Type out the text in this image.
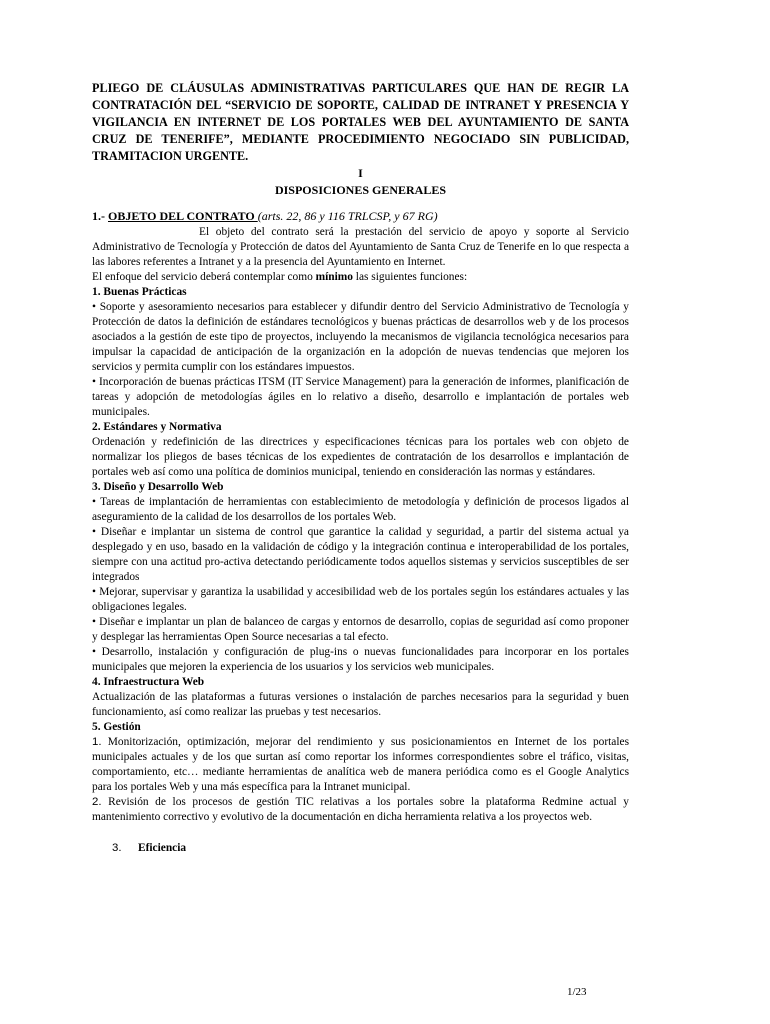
PLIEGO DE CLÁUSULAS ADMINISTRATIVAS PARTICULARES QUE HAN DE REGIR LA CONTRATACIÓN DEL “SERVICIO DE SOPORTE, CALIDAD DE INTRANET Y PRESENCIA Y VIGILANCIA EN INTERNET DE LOS PORTALES WEB DEL AYUNTAMIENTO DE SANTA CRUZ DE TENERIFE”, MEDIANTE PROCEDIMIENTO NEGOCIADO SIN PUBLICIDAD, TRAMITACION URGENTE.

I

DISPOSICIONES GENERALES

1.- OBJETO DEL CONTRATO (arts. 22, 86 y 116 TRLCSP, y 67 RG)

El objeto del contrato será la prestación del servicio de apoyo y soporte al Servicio Administrativo de Tecnología y Protección de datos del Ayuntamiento de Santa Cruz de Tenerife en lo que respecta a las labores referentes a Intranet y a la presencia del Ayuntamiento en Internet.

El enfoque del servicio deberá contemplar como mínimo las siguientes funciones:

1. Buenas Prácticas

• Soporte y asesoramiento necesarios para establecer y difundir dentro del Servicio Administrativo de Tecnología y Protección de datos la definición de estándares tecnológicos y buenas prácticas de desarrollos web y de los procesos asociados a la gestión de este tipo de proyectos, incluyendo la mecanismos de vigilancia tecnológica necesarios para impulsar la capacidad de anticipación de la organización en la adopción de nuevas tendencias que mejoren los servicios y permita cumplir con los estándares impuestos.

• Incorporación de buenas prácticas ITSM (IT Service Management) para la generación de informes, planificación de tareas y adopción de metodologías ágiles en lo relativo a diseño, desarrollo e implantación de portales web municipales.

2. Estándares y Normativa

Ordenación y redefinición de las directrices y especificaciones técnicas para los portales web con objeto de normalizar los pliegos de bases técnicas de los expedientes de contratación de los desarrollos e implantación de portales web así como una política de dominios municipal, teniendo en consideración las normas y estándares.

3. Diseño y Desarrollo Web

• Tareas de implantación de herramientas con establecimiento de metodología y definición de procesos ligados al aseguramiento de la calidad de los desarrollos de los portales Web.

• Diseñar e implantar un sistema de control que garantice la calidad y seguridad, a partir del sistema actual ya desplegado y en uso, basado en la validación de código y la integración continua e interoperabilidad de los portales, siempre con una actitud pro-activa detectando periódicamente todos aquellos sistemas y servicios susceptibles de ser integrados

• Mejorar, supervisar y garantiza la usabilidad y accesibilidad web de los portales según los estándares actuales y las obligaciones legales.

• Diseñar e implantar un plan de balanceo de cargas y entornos de desarrollo, copias de seguridad así como proponer y desplegar las herramientas Open Source necesarias a tal efecto.

• Desarrollo, instalación y configuración de plug-ins o nuevas funcionalidades para incorporar en los portales municipales que mejoren la experiencia de los usuarios y los servicios web municipales.

4. Infraestructura Web

Actualización de las plataformas a futuras versiones o instalación de parches necesarios para la seguridad y buen funcionamiento, así como realizar las pruebas y test necesarios.

5. Gestión

1. Monitorización, optimización, mejorar del rendimiento y sus posicionamientos en Internet de los portales municipales actuales y de los que surtan así como reportar los informes correspondientes sobre el tráfico, visitas, comportamiento, etc… mediante herramientas de analítica web de manera periódica como es el Google Analytics para los portales Web y una más específica para la Intranet municipal.

2. Revisión de los procesos de gestión TIC relativas a los portales sobre la plataforma Redmine actual y mantenimiento correctivo y evolutivo de la documentación en dicha herramienta relativa a los proyectos web.

3. Eficiencia

1/23
